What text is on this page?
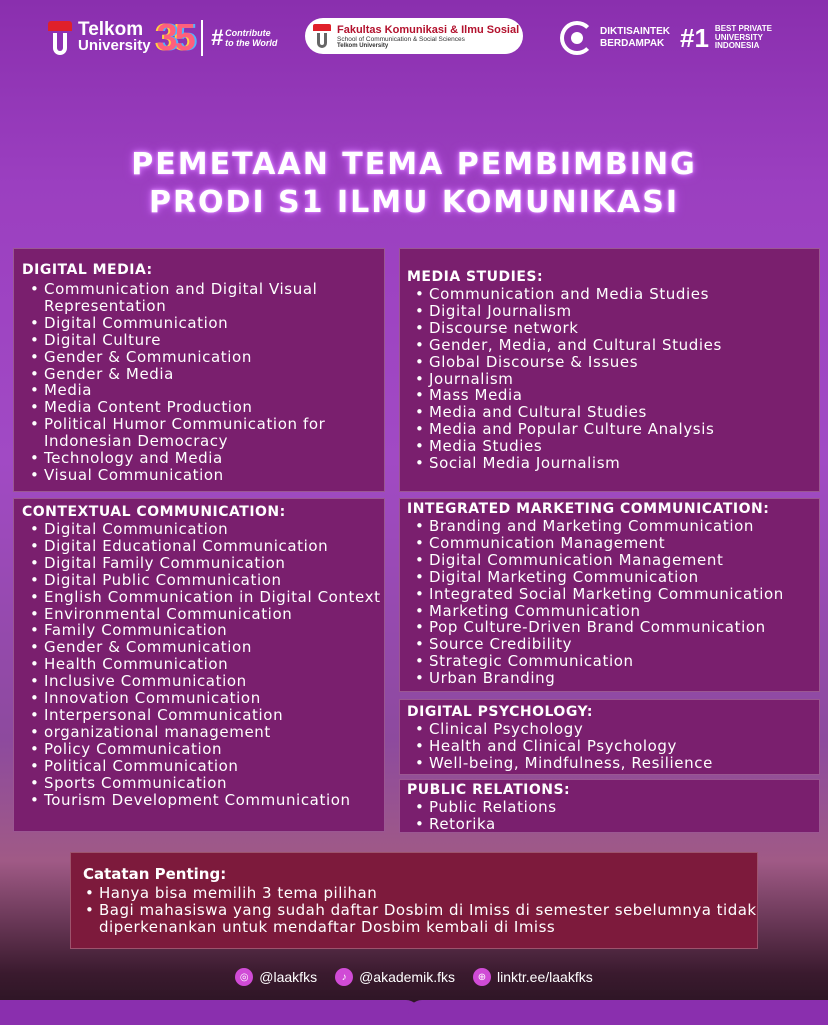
Telkom
University 35 # Contribute
to the World
Fakultas Komunikasi & Ilmu Sosial
School of Communication & Social Sciences
Telkom University
DIKTISAINTEK
BERDAMPAK #1 BEST PRIVATE
UNIVERSITY
INDONESIA
PEMETAAN TEMA PEMBIMBING
PRODI S1 ILMU KOMUNIKASI
DIGITAL MEDIA:
• Communication and Digital Visual Representation
• Digital Communication
• Digital Culture
• Gender & Communication
• Gender & Media
• Media
• Media Content Production
• Political Humor Communication for Indonesian Democracy
• Technology and Media
• Visual Communication
MEDIA STUDIES:
• Communication and Media Studies
• Digital Journalism
• Discourse network
• Gender, Media, and Cultural Studies
• Global Discourse & Issues
• Journalism
• Mass Media
• Media and Cultural Studies
• Media and Popular Culture Analysis
• Media Studies
• Social Media Journalism
CONTEXTUAL COMMUNICATION:
• Digital Communication
• Digital Educational Communication
• Digital Family Communication
• Digital Public Communication
• English Communication in Digital Context
• Environmental Communication
• Family Communication
• Gender & Communication
• Health Communication
• Inclusive Communication
• Innovation Communication
• Interpersonal Communication
• organizational management
• Policy Communication
• Political Communication
• Sports Communication
• Tourism Development Communication
INTEGRATED MARKETING COMMUNICATION:
• Branding and Marketing Communication
• Communication Management
• Digital Communication Management
• Digital Marketing Communication
• Integrated Social Marketing Communication
• Marketing Communication
• Pop Culture-Driven Brand Communication
• Source Credibility
• Strategic Communication
• Urban Branding
DIGITAL PSYCHOLOGY:
• Clinical Psychology
• Health and Clinical Psychology
• Well-being, Mindfulness, Resilience
PUBLIC RELATIONS:
• Public Relations
• Retorika
Catatan Penting:
• Hanya bisa memilih 3 tema pilihan
• Bagi mahasiswa yang sudah daftar Dosbim di Imiss di semester sebelumnya tidak diperkenankan untuk mendaftar Dosbim kembali di Imiss
◎ @laakfks	♪ @akademik.fks	⊕ linktr.ee/laakfks
